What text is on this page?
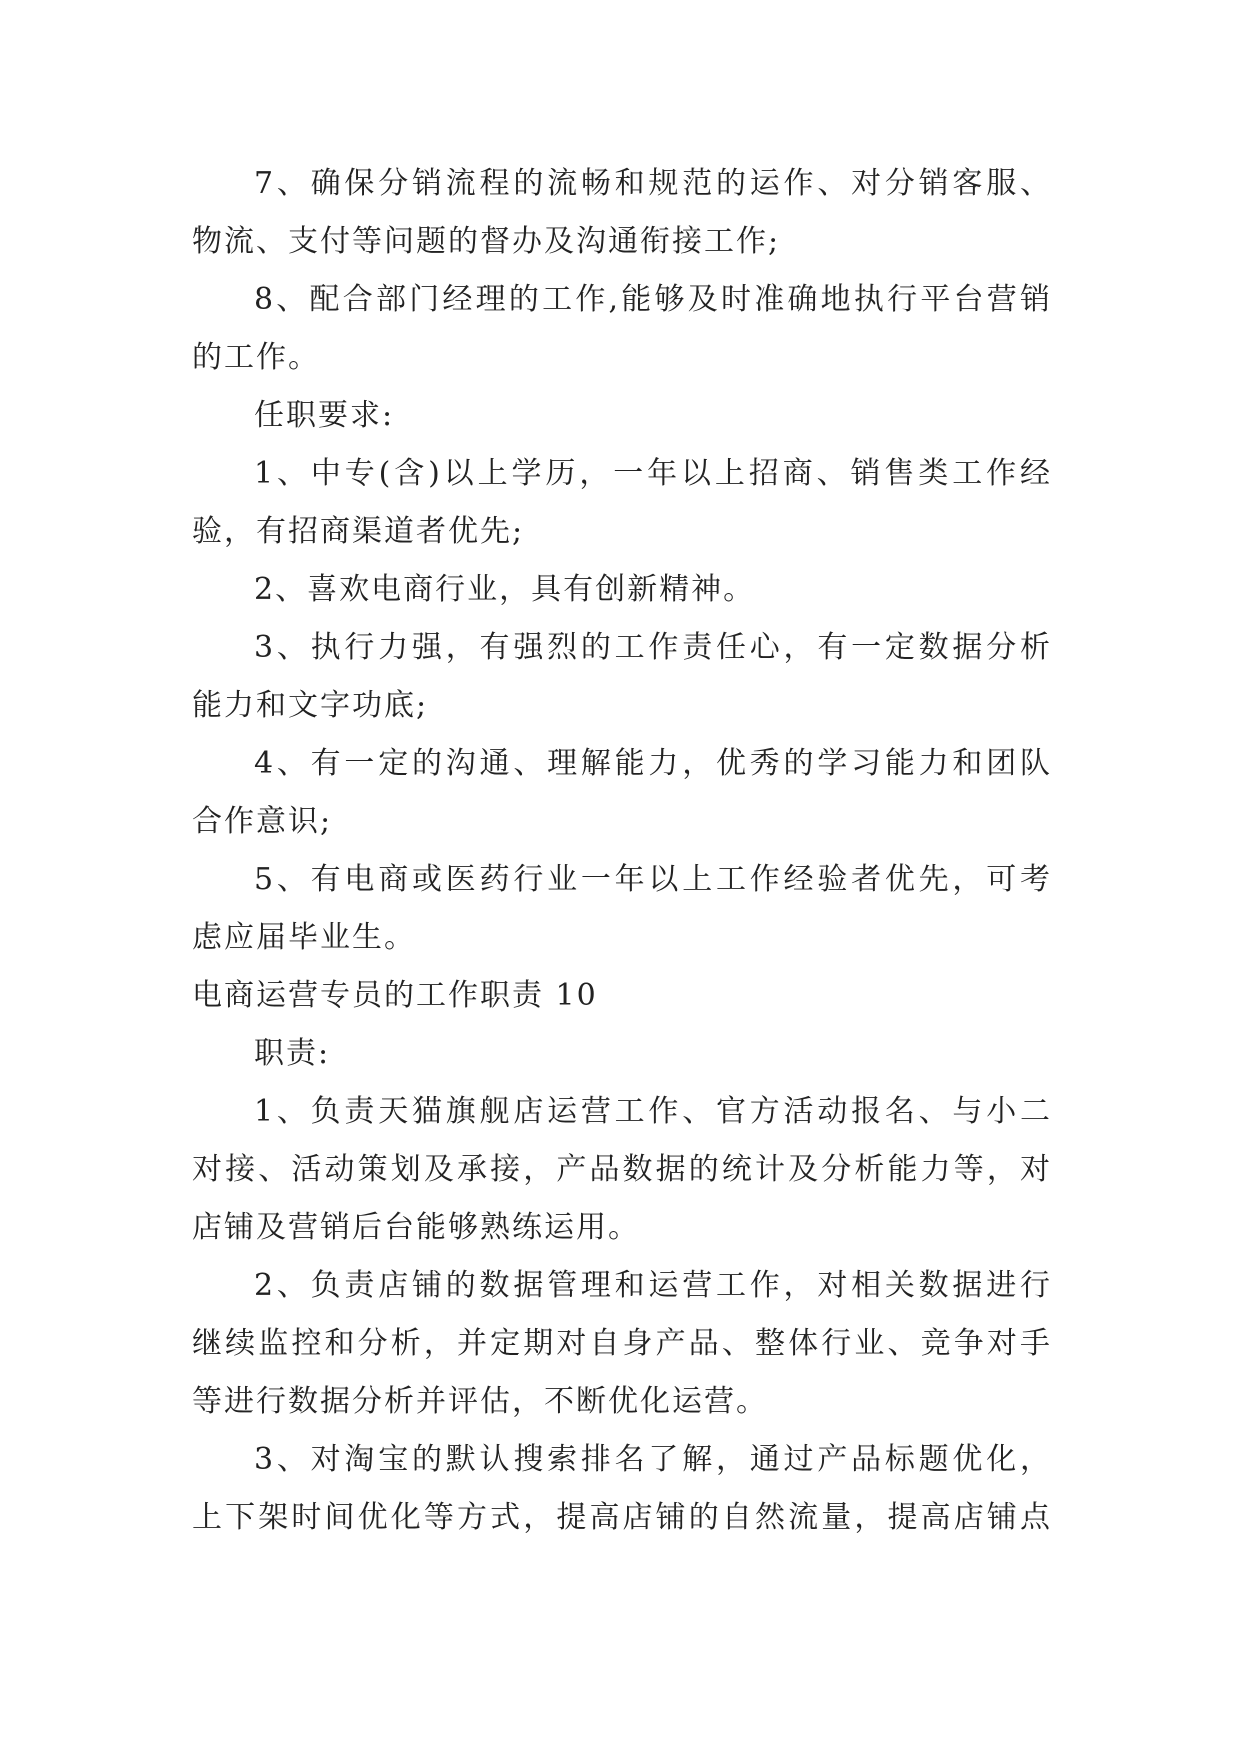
7、确保分销流程的流畅和规范的运作、对分销客服、
物流、支付等问题的督办及沟通衔接工作;
8、配合部门经理的工作,能够及时准确地执行平台营销
的工作。
任职要求:
1、中专(含)以上学历，一年以上招商、销售类工作经
验，有招商渠道者优先;
2、喜欢电商行业，具有创新精神。
3、执行力强，有强烈的工作责任心，有一定数据分析
能力和文字功底;
4、有一定的沟通、理解能力，优秀的学习能力和团队
合作意识;
5、有电商或医药行业一年以上工作经验者优先，可考
虑应届毕业生。
电商运营专员的工作职责 10
职责:
1、负责天猫旗舰店运营工作、官方活动报名、与小二
对接、活动策划及承接，产品数据的统计及分析能力等，对
店铺及营销后台能够熟练运用。
2、负责店铺的数据管理和运营工作，对相关数据进行
继续监控和分析，并定期对自身产品、整体行业、竞争对手
等进行数据分析并评估，不断优化运营。
3、对淘宝的默认搜索排名了解，通过产品标题优化，
上下架时间优化等方式，提高店铺的自然流量，提高店铺点
